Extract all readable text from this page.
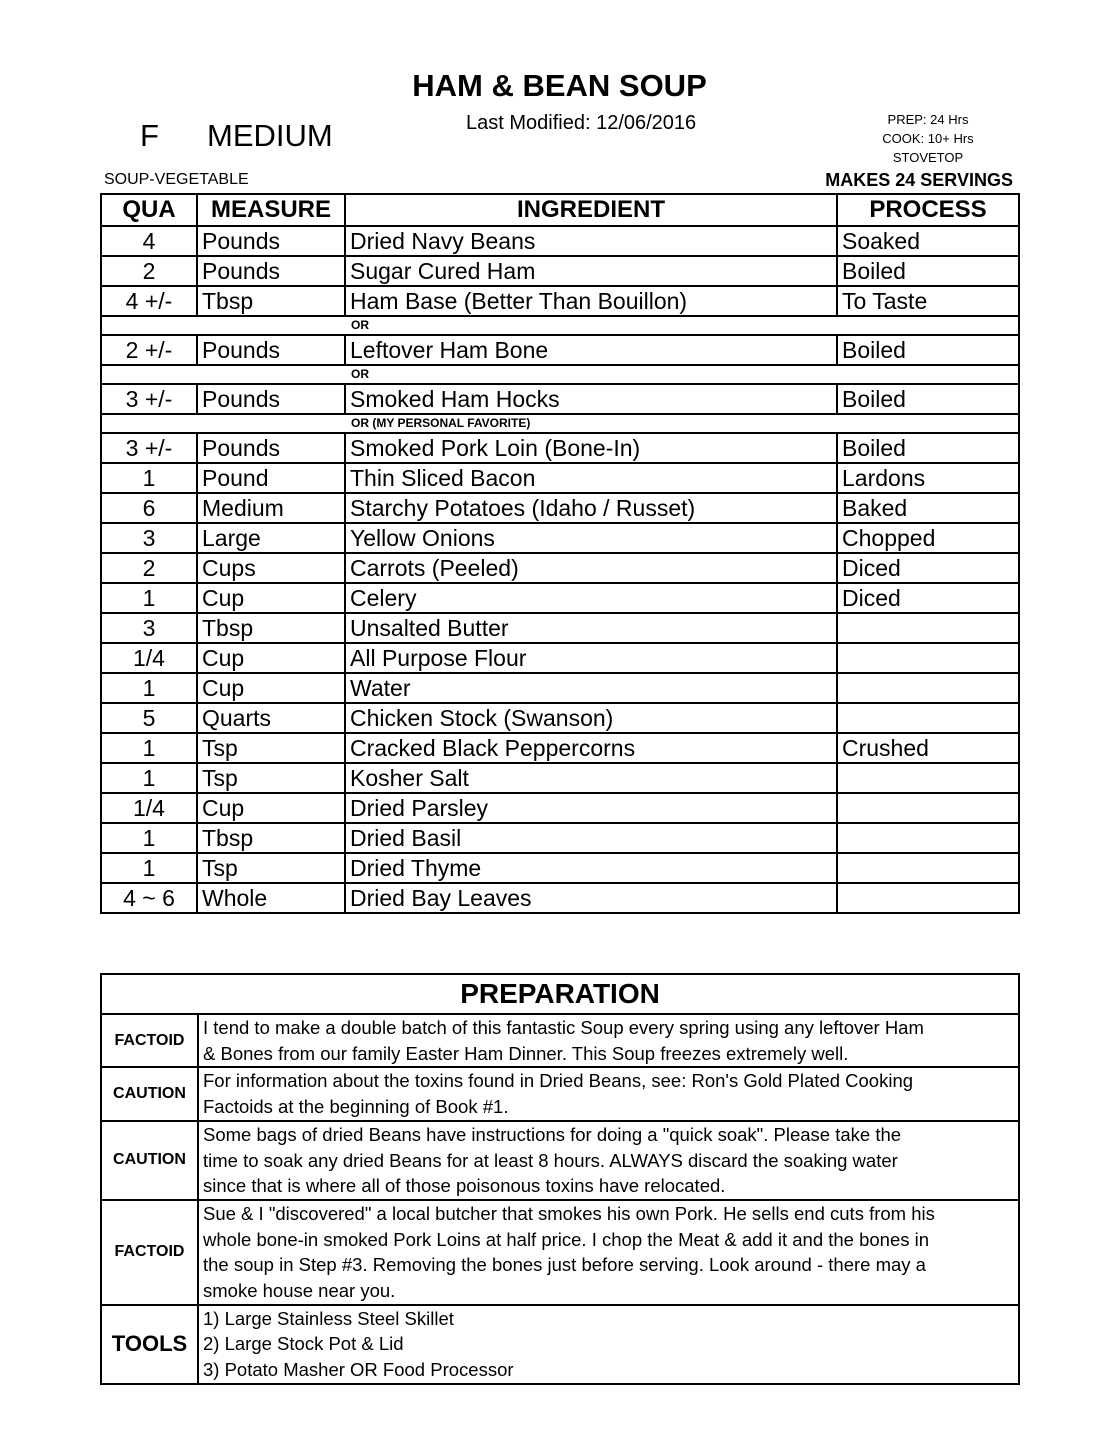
HAM & BEAN SOUP
Last Modified: 12/06/2016
F MEDIUM	PREP: 24 Hrs
COOK: 10+ Hrs
STOVETOP
SOUP-VEGETABLE	MAKES 24 SERVINGS
QUA	MEASURE	INGREDIENT	PROCESS
4	Pounds	Dried Navy Beans	Soaked
2	Pounds	Sugar Cured Ham	Boiled
4 +/-	Tbsp	Ham Base (Better Than Bouillon)	To Taste
OR			
2 +/-	Pounds	Leftover Ham Bone	Boiled
OR			
3 +/-	Pounds	Smoked Ham Hocks	Boiled
OR (MY PERSONAL FAVORITE)			
3 +/-	Pounds	Smoked Pork Loin (Bone-In)	Boiled
1	Pound	Thin Sliced Bacon	Lardons
6	Medium	Starchy Potatoes (Idaho / Russet)	Baked
3	Large	Yellow Onions	Chopped
2	Cups	Carrots (Peeled)	Diced
1	Cup	Celery	Diced
3	Tbsp	Unsalted Butter	
1/4	Cup	All Purpose Flour	
1	Cup	Water	
5	Quarts	Chicken Stock (Swanson)	
1	Tsp	Cracked Black Peppercorns	Crushed
1	Tsp	Kosher Salt	
1/4	Cup	Dried Parsley	
1	Tbsp	Dried Basil	
1	Tsp	Dried Thyme	
4 ~ 6	Whole	Dried Bay Leaves	
PREPARATION	
FACTOID	I tend to make a double batch of this fantastic Soup every spring using any leftover Ham
& Bones from our family Easter Ham Dinner. This Soup freezes extremely well.

CAUTION	For information about the toxins found in Dried Beans, see: Ron's Gold Plated Cooking
Factoids at the beginning of Book #1.

CAUTION	Some bags of dried Beans have instructions for doing a "quick soak". Please take the
time to soak any dried Beans for at least 8 hours. ALWAYS discard the soaking water
since that is where all of those poisonous toxins have relocated.

FACTOID	Sue & I "discovered" a local butcher that smokes his own Pork. He sells end cuts from his
whole bone-in smoked Pork Loins at half price. I chop the Meat & add it and the bones in
the soup in Step #3. Removing the bones just before serving. Look around - there may a
smoke house near you.

TOOLS	1) Large Stainless Steel Skillet
2) Large Stock Pot & Lid
3) Potato Masher OR Food Processor
